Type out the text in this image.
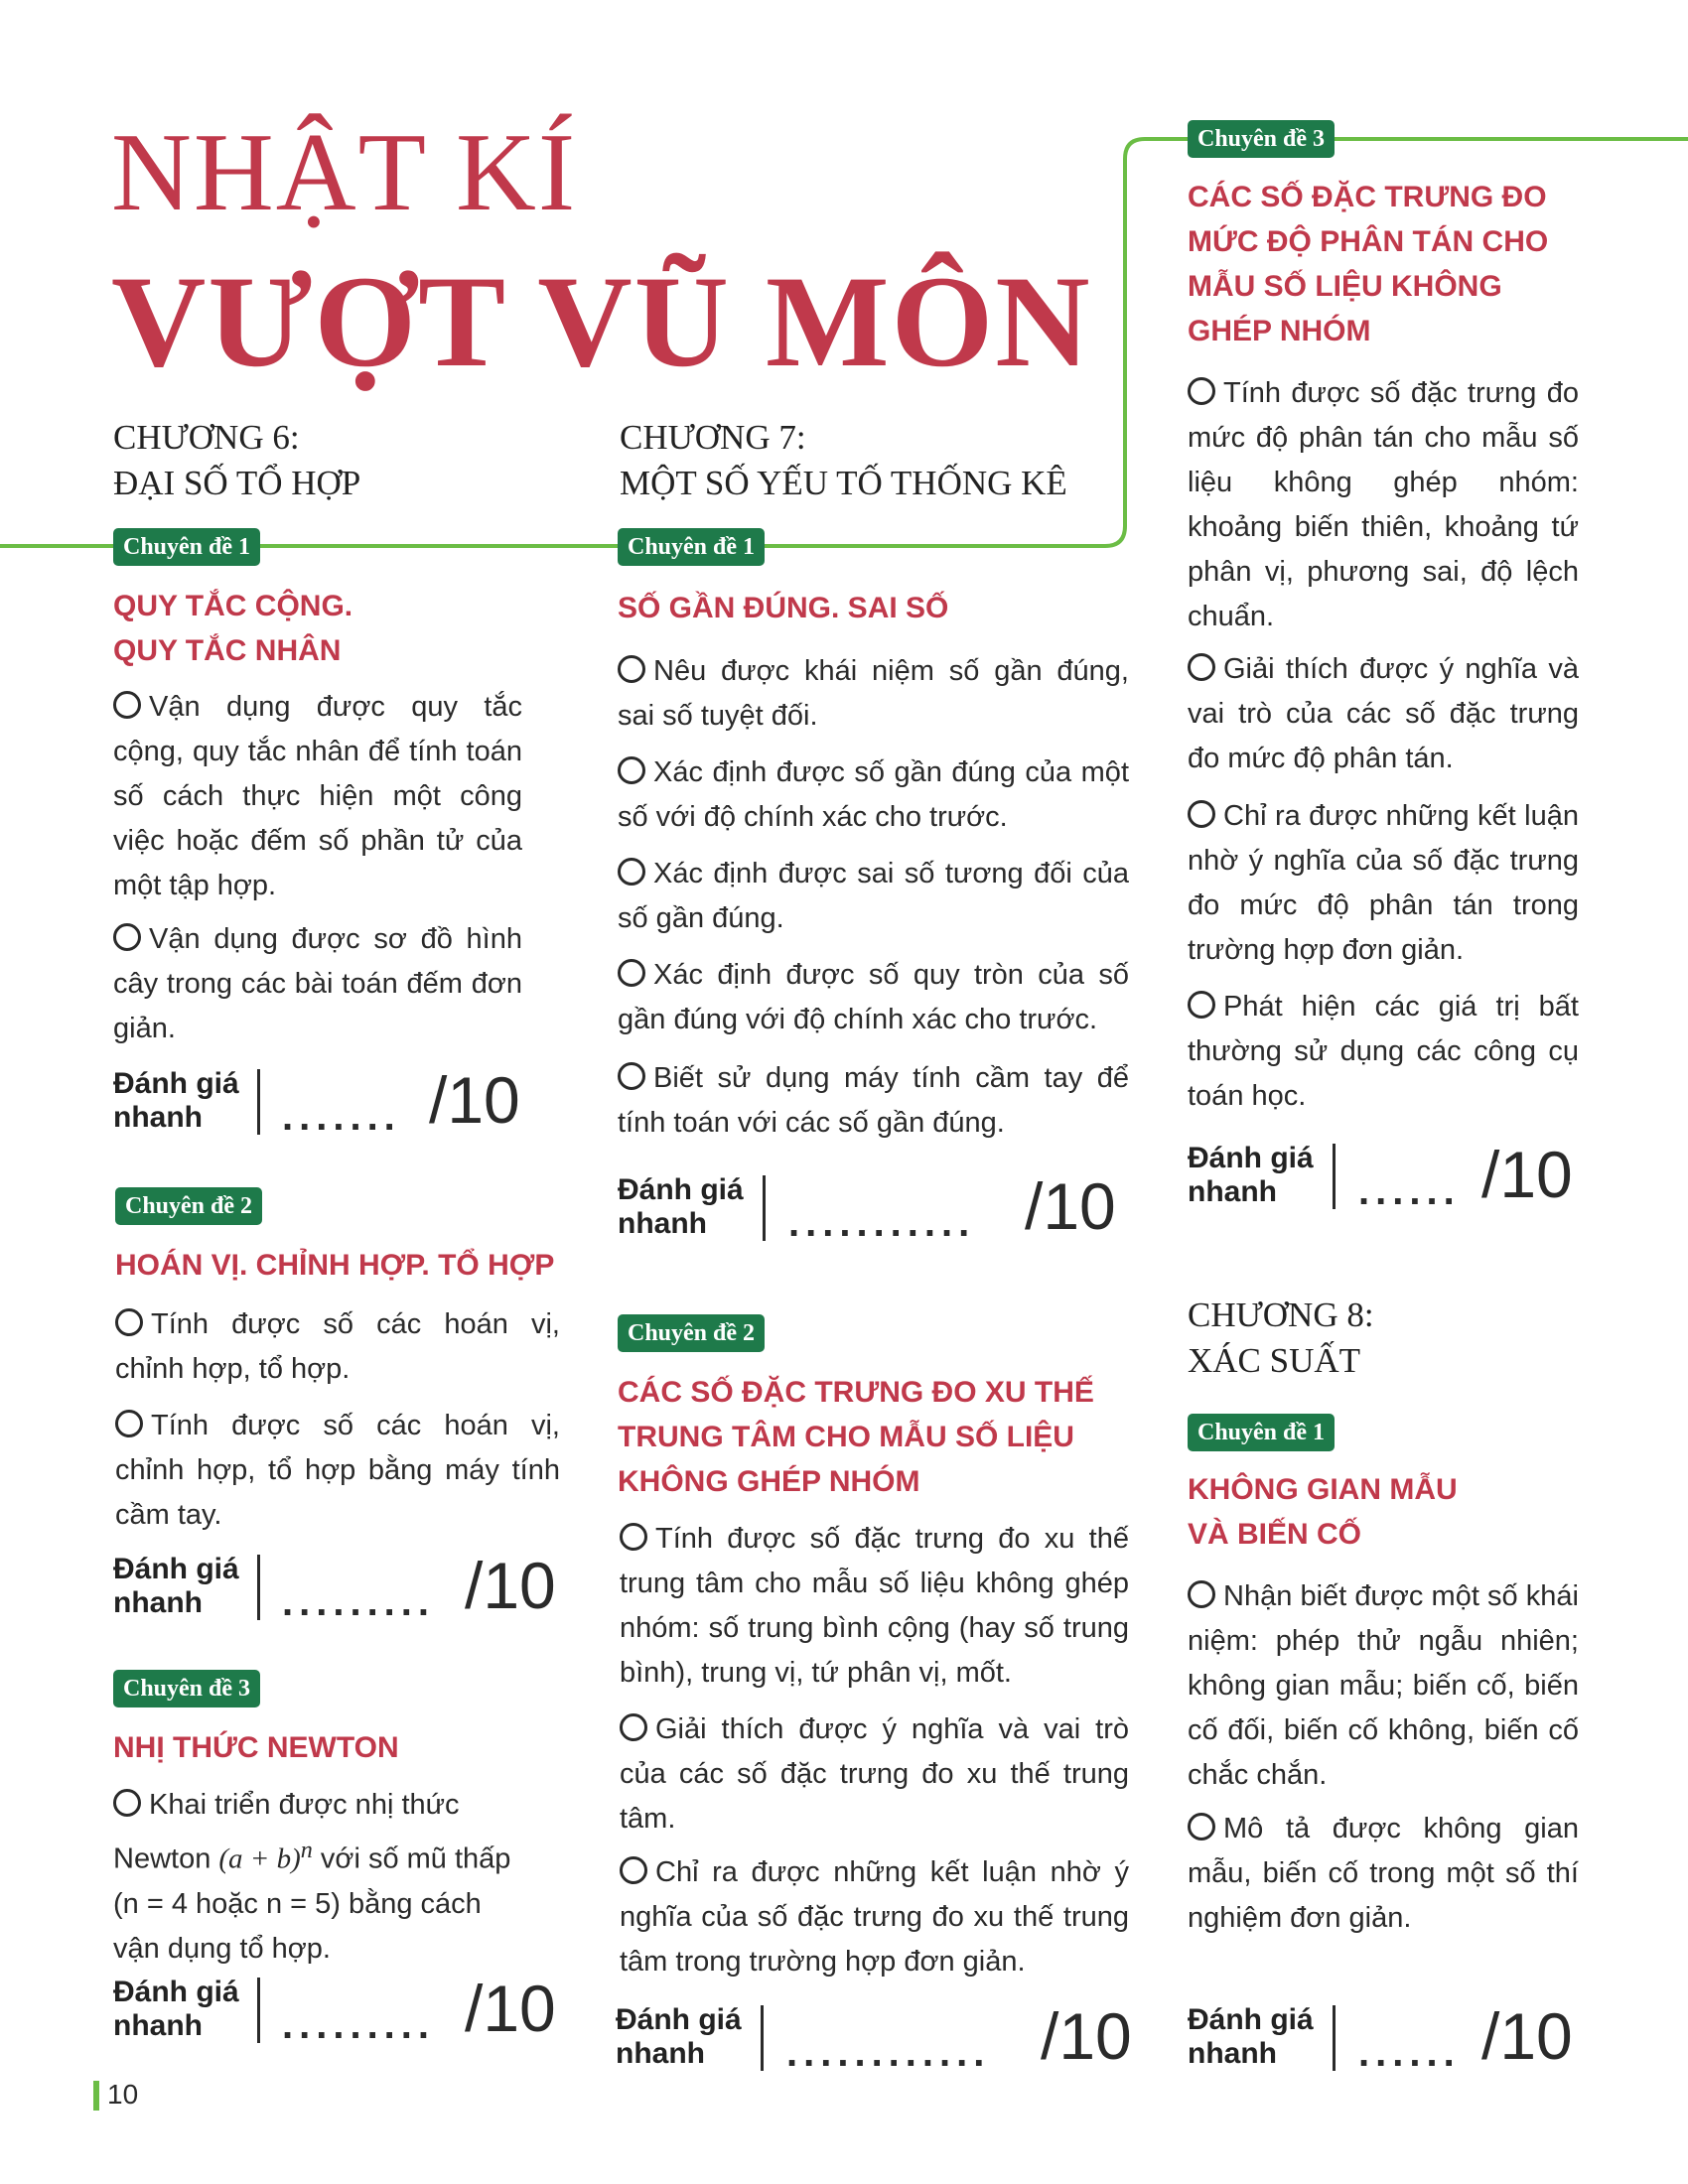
NHẬT KÍ
VƯỢT VŨ MÔN
CHƯƠNG 6:
ĐẠI SỐ TỔ HỢP
Chuyên đề 1
QUY TẮC CỘNG.
QUY TẮC NHÂN
Vận dụng được quy tắc cộng, quy tắc nhân để tính toán số cách thực hiện một công việc hoặc đếm số phần tử của một tập hợp.
Vận dụng được sơ đồ hình cây trong các bài toán đếm đơn giản.
Đánh giá
nhanh	....... /10
Chuyên đề 2
HOÁN VỊ. CHỈNH HỢP. TỔ HỢP
Tính được số các hoán vị, chỉnh hợp, tổ hợp.
Tính được số các hoán vị, chỉnh hợp, tổ hợp bằng máy tính cầm tay.
Đánh giá
nhanh	......... /10
Chuyên đề 3
NHỊ THỨC NEWTON
Khai triển được nhị thức
Newton $(a + b)^n$ với số mũ thấp
(n = 4 hoặc n = 5) bằng cách
vận dụng tổ hợp.
Đánh giá
nhanh	......... /10
CHƯƠNG 7:
MỘT SỐ YẾU TỐ THỐNG KÊ
Chuyên đề 1
SỐ GẦN ĐÚNG. SAI SỐ
Nêu được khái niệm số gần đúng, sai số tuyệt đối.
Xác định được số gần đúng của một số với độ chính xác cho trước.
Xác định được sai số tương đối của số gần đúng.
Xác định được số quy tròn của số gần đúng với độ chính xác cho trước.
Biết sử dụng máy tính cầm tay để tính toán với các số gần đúng.
Đánh giá
nhanh	........... /10
Chuyên đề 2
CÁC SỐ ĐẶC TRƯNG ĐO XU THẾ
TRUNG TÂM CHO MẪU SỐ LIỆU
KHÔNG GHÉP NHÓM
Tính được số đặc trưng đo xu thế trung tâm cho mẫu số liệu không ghép nhóm: số trung bình cộng (hay số trung bình), trung vị, tứ phân vị, mốt.
Giải thích được ý nghĩa và vai trò của các số đặc trưng đo xu thế trung tâm.
Chỉ ra được những kết luận nhờ ý nghĩa của số đặc trưng đo xu thế trung tâm trong trường hợp đơn giản.
Đánh giá
nhanh	............ /10
Chuyên đề 3
CÁC SỐ ĐẶC TRƯNG ĐO
MỨC ĐỘ PHÂN TÁN CHO
MẪU SỐ LIỆU KHÔNG
GHÉP NHÓM
Tính được số đặc trưng đo mức độ phân tán cho mẫu số liệu không ghép nhóm: khoảng biến thiên, khoảng tứ phân vị, phương sai, độ lệch chuẩn.
Giải thích được ý nghĩa và vai trò của các số đặc trưng đo mức độ phân tán.
Chỉ ra được những kết luận nhờ ý nghĩa của số đặc trưng đo mức độ phân tán trong trường hợp đơn giản.
Phát hiện các giá trị bất thường sử dụng các công cụ toán học.
Đánh giá
nhanh	...... /10
CHƯƠNG 8:
XÁC SUẤT
Chuyên đề 1
KHÔNG GIAN MẪU
VÀ BIẾN CỐ
Nhận biết được một số khái niệm: phép thử ngẫu nhiên; không gian mẫu; biến cố, biến cố đối, biến cố không, biến cố chắc chắn.
Mô tả được không gian mẫu, biến cố trong một số thí nghiệm đơn giản.
Đánh giá
nhanh	...... /10
10
